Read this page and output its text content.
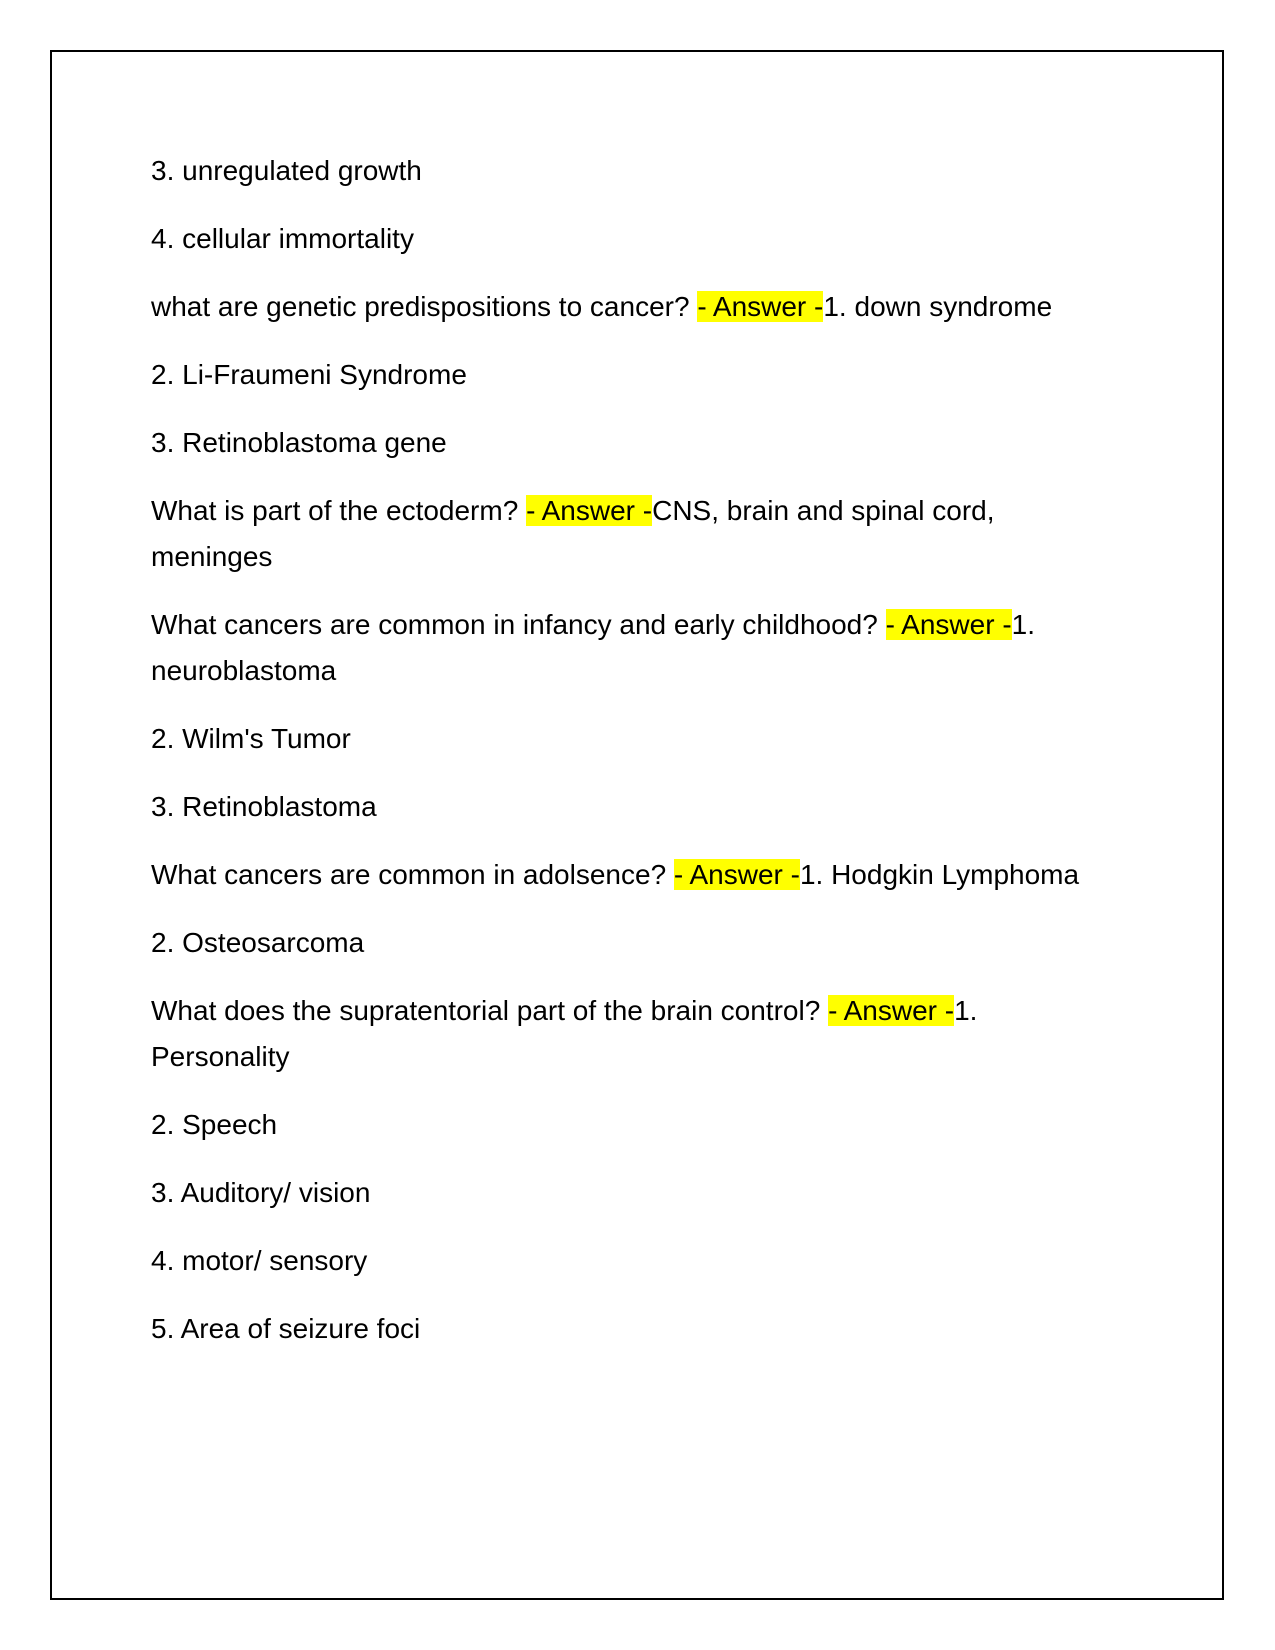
3. unregulated growth

4. cellular immortality

what are genetic predispositions to cancer? - Answer -1. down syndrome

2. Li-Fraumeni Syndrome

3. Retinoblastoma gene

What is part of the ectoderm? - Answer -CNS, brain and spinal cord, meninges

What cancers are common in infancy and early childhood? - Answer -1. neuroblastoma

2. Wilm's Tumor

3. Retinoblastoma

What cancers are common in adolsence? - Answer -1. Hodgkin Lymphoma

2. Osteosarcoma

What does the supratentorial part of the brain control? - Answer -1. Personality

2. Speech

3. Auditory/ vision

4. motor/ sensory

5. Area of seizure foci
